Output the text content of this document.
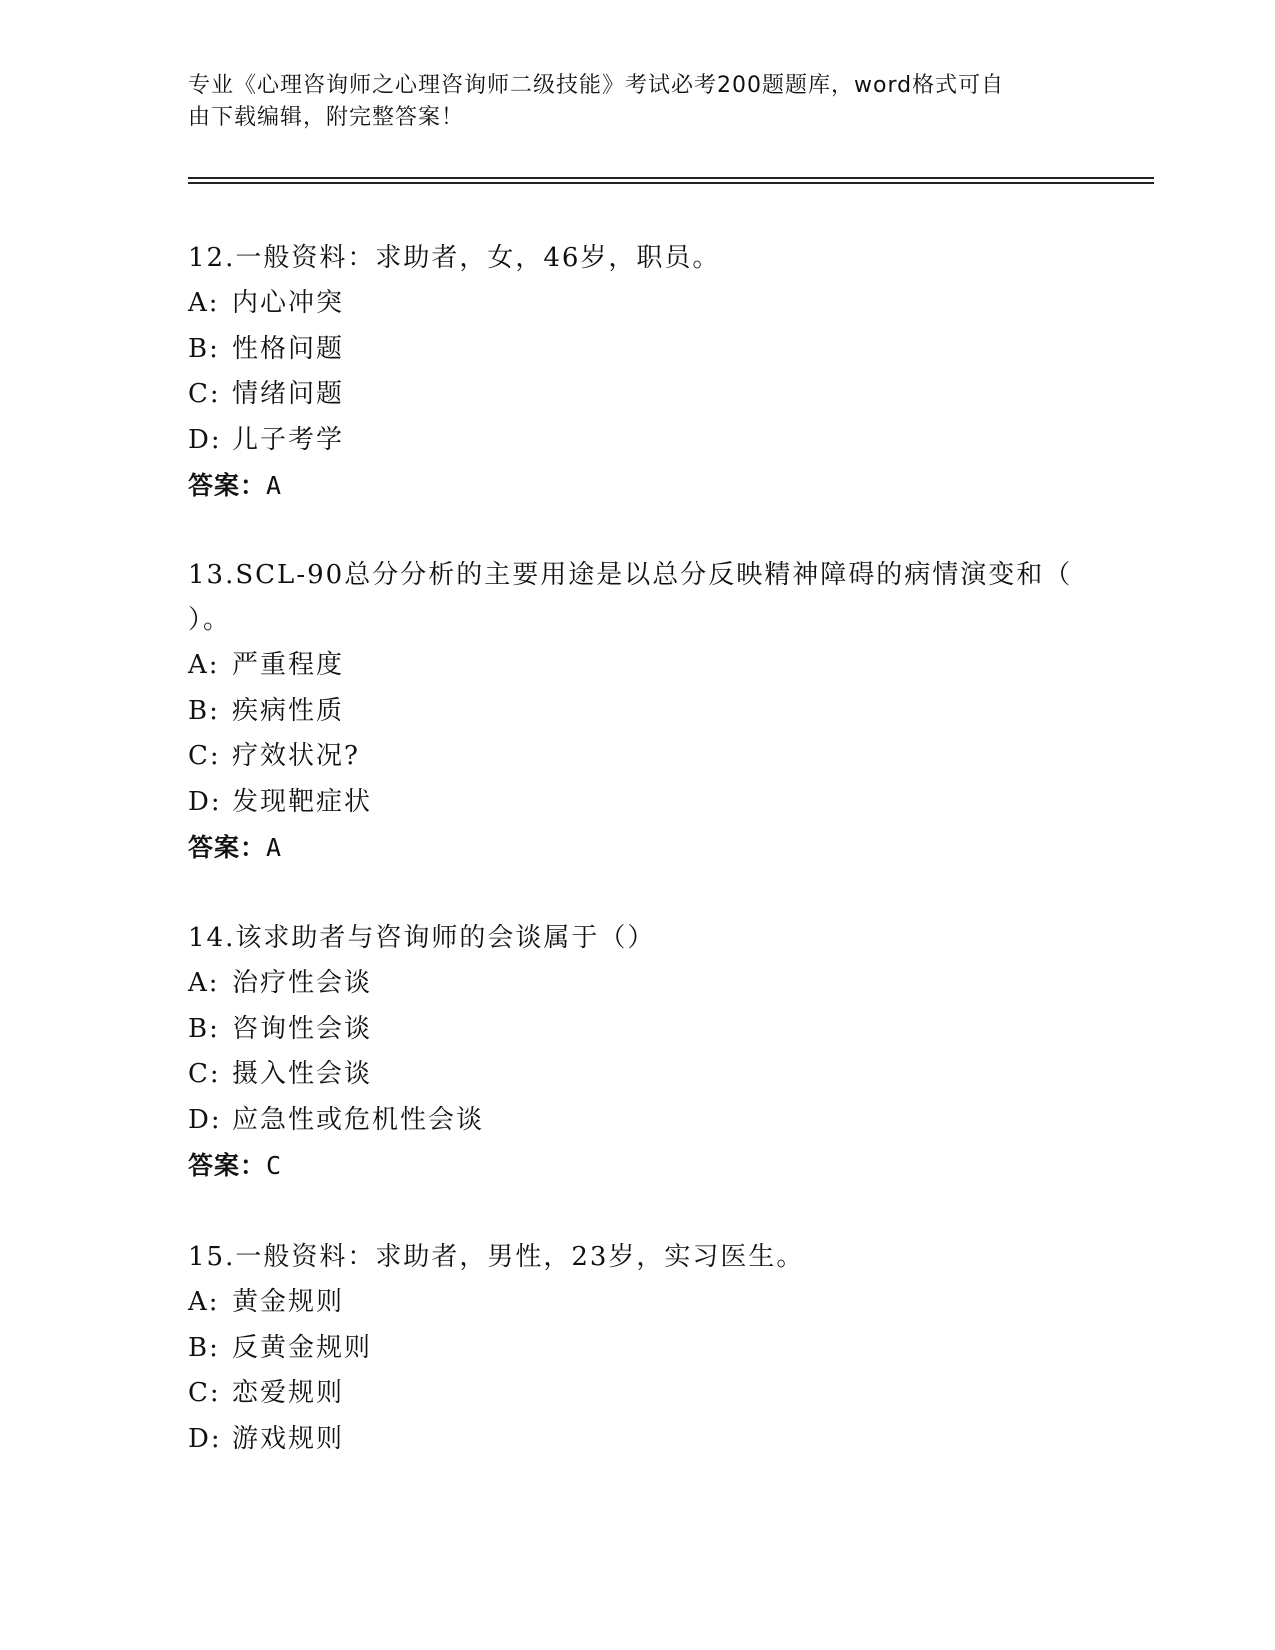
专业《心理咨询师之心理咨询师二级技能》考试必考200题题库，word格式可自
由下载编辑，附完整答案！
12.一般资料：求助者，女，46岁，职员。
A: 内心冲突
B: 性格问题
C: 情绪问题
D: 儿子考学
答案：A
13.SCL-90总分分析的主要用途是以总分反映精神障碍的病情演变和（
）。
A: 严重程度
B: 疾病性质
C: 疗效状况?
D: 发现靶症状
答案：A
14.该求助者与咨询师的会谈属于（）
A: 治疗性会谈
B: 咨询性会谈
C: 摄入性会谈
D: 应急性或危机性会谈
答案：C
15.一般资料：求助者，男性，23岁，实习医生。
A: 黄金规则
B: 反黄金规则
C: 恋爱规则
D: 游戏规则
